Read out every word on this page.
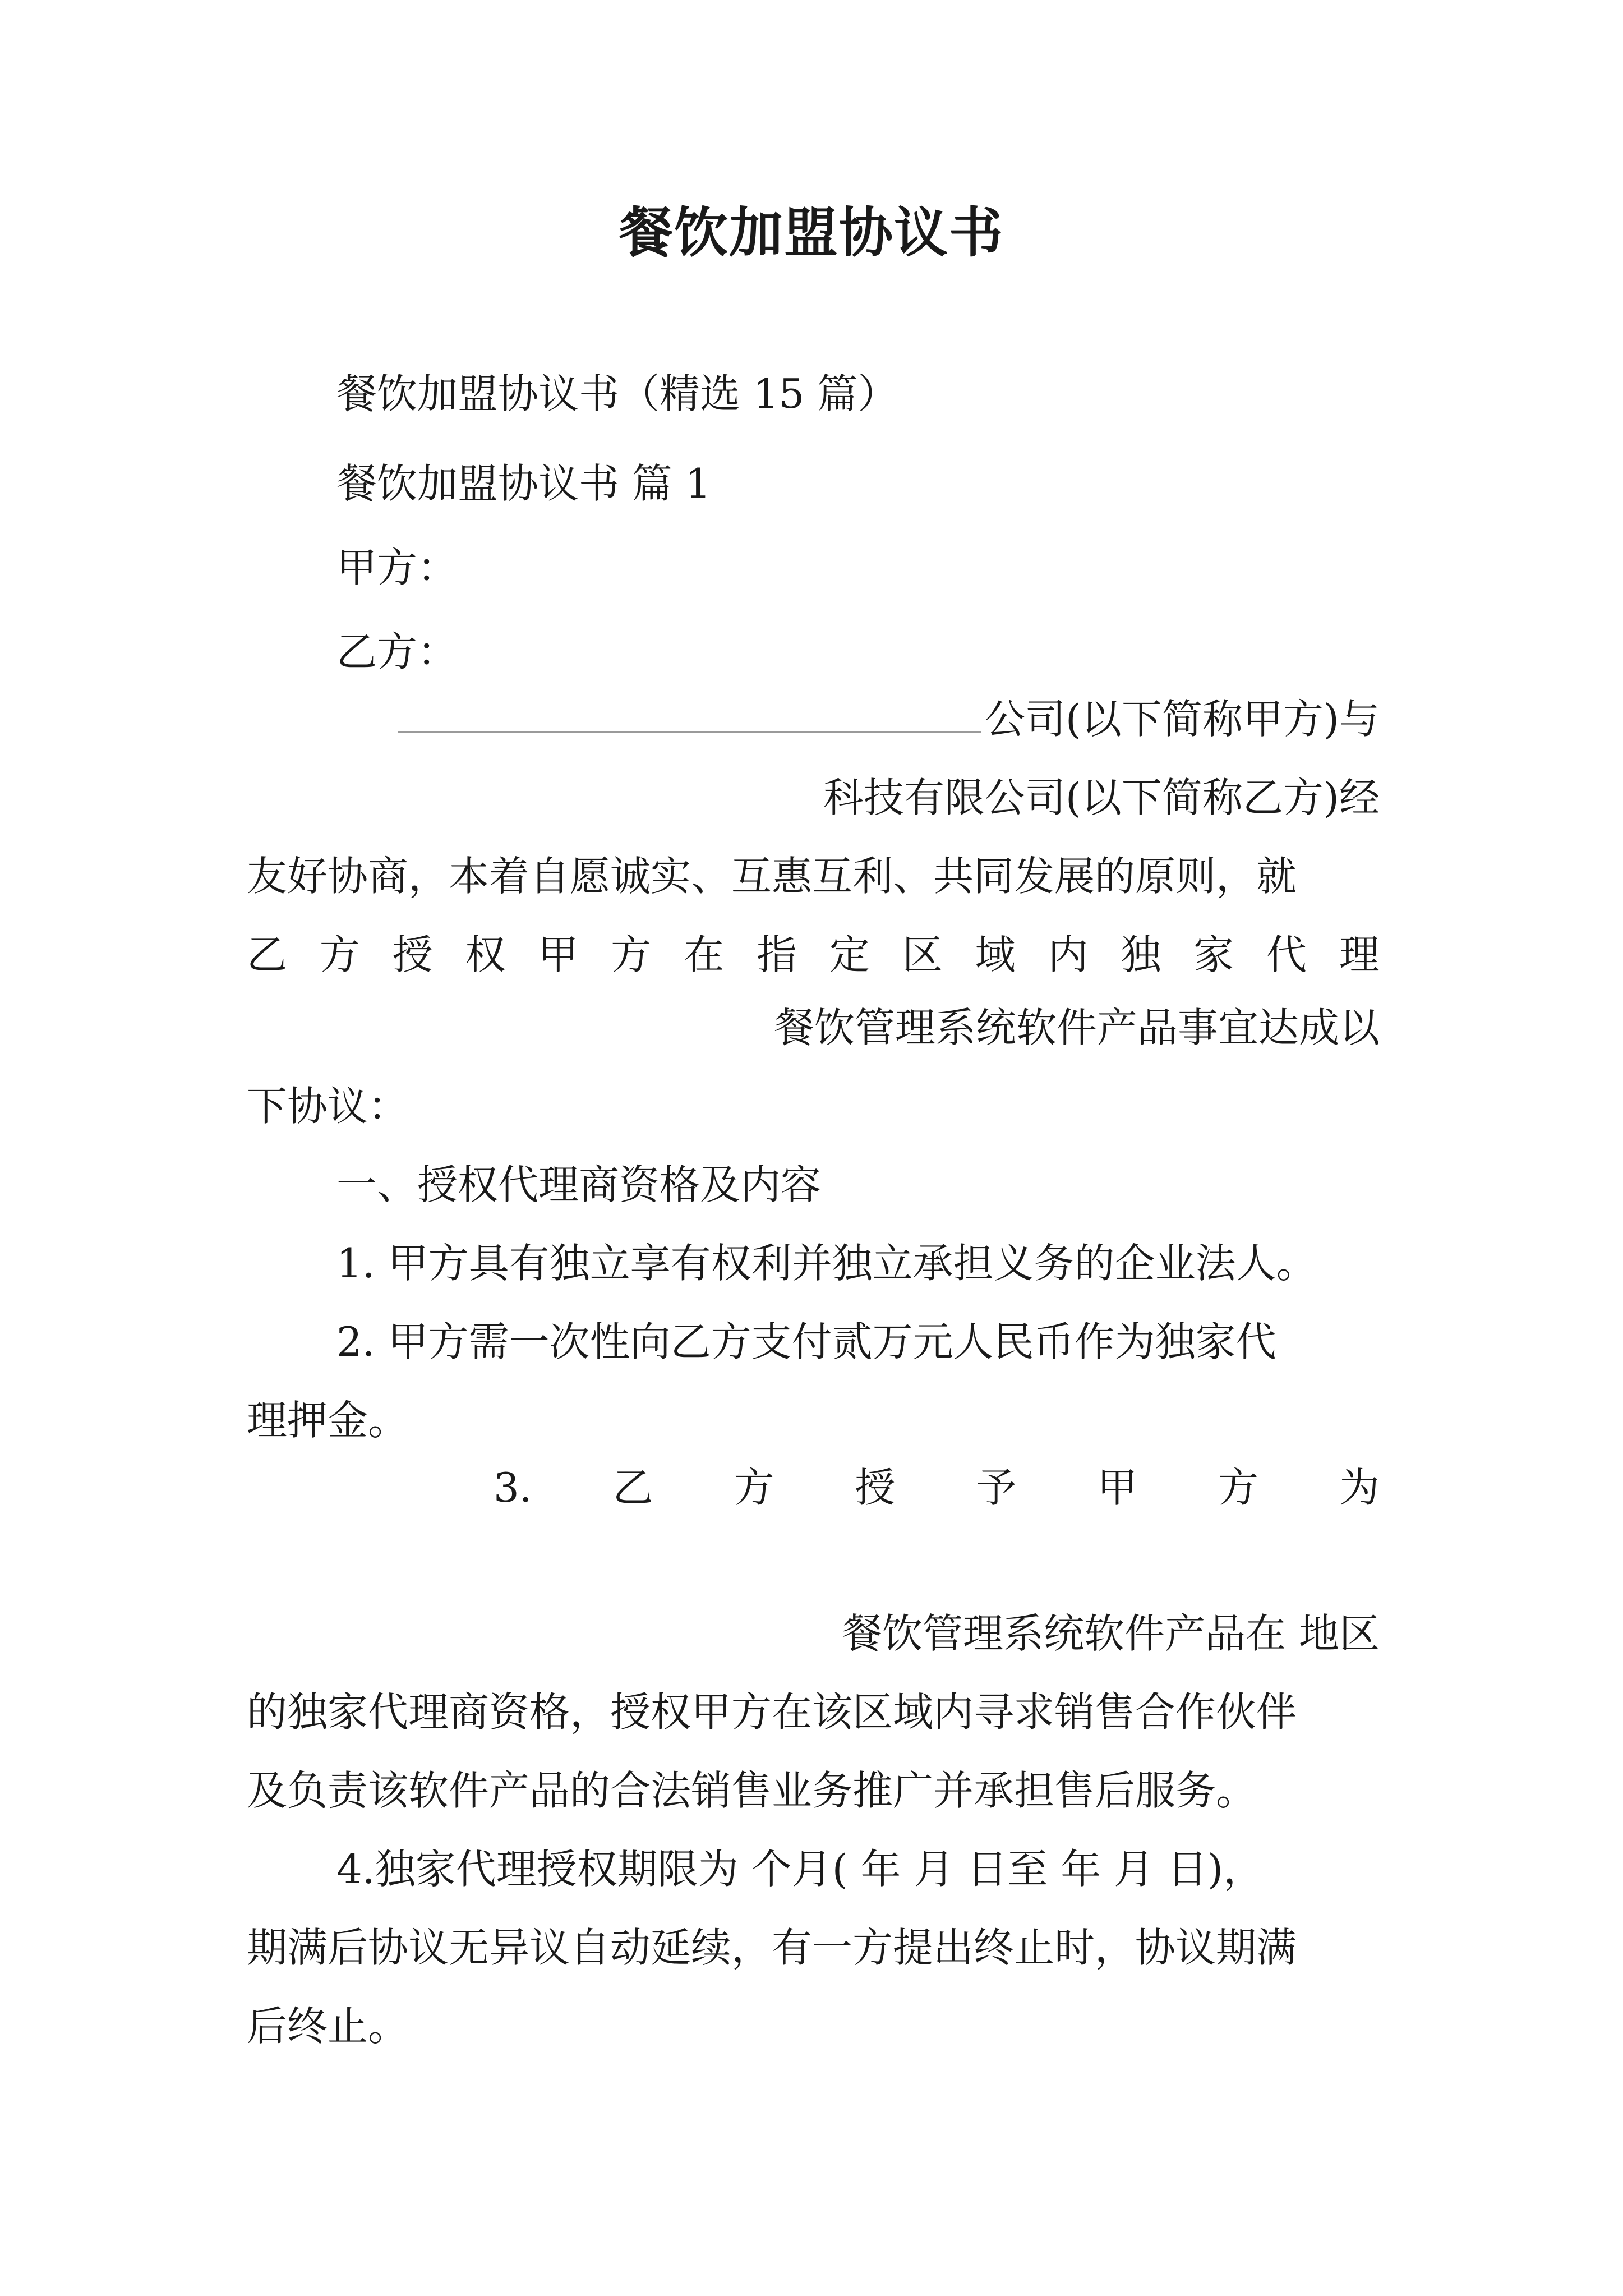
餐饮加盟协议书
餐饮加盟协议书（精选 15 篇）
餐饮加盟协议书 篇 1
甲方：
乙方：
公司(以下简称甲方)与
科技有限公司(以下简称乙方)经
友好协商，本着自愿诚实、互惠互利、共同发展的原则，就
乙 方 授 权 甲 方 在 指 定 区 域 内 独 家 代 理
餐饮管理系统软件产品事宜达成以
下协议：
一、授权代理商资格及内容
1. 甲方具有独立享有权利并独立承担义务的企业法人。
2. 甲方需一次性向乙方支付贰万元人民币作为独家代
理押金。
3. 乙 方 授 予 甲 方 为
餐饮管理系统软件产品在 地区
的独家代理商资格，授权甲方在该区域内寻求销售合作伙伴
及负责该软件产品的合法销售业务推广并承担售后服务。
4.独家代理授权期限为 个月( 年 月 日至 年 月 日)，
期满后协议无异议自动延续，有一方提出终止时，协议期满
后终止。
